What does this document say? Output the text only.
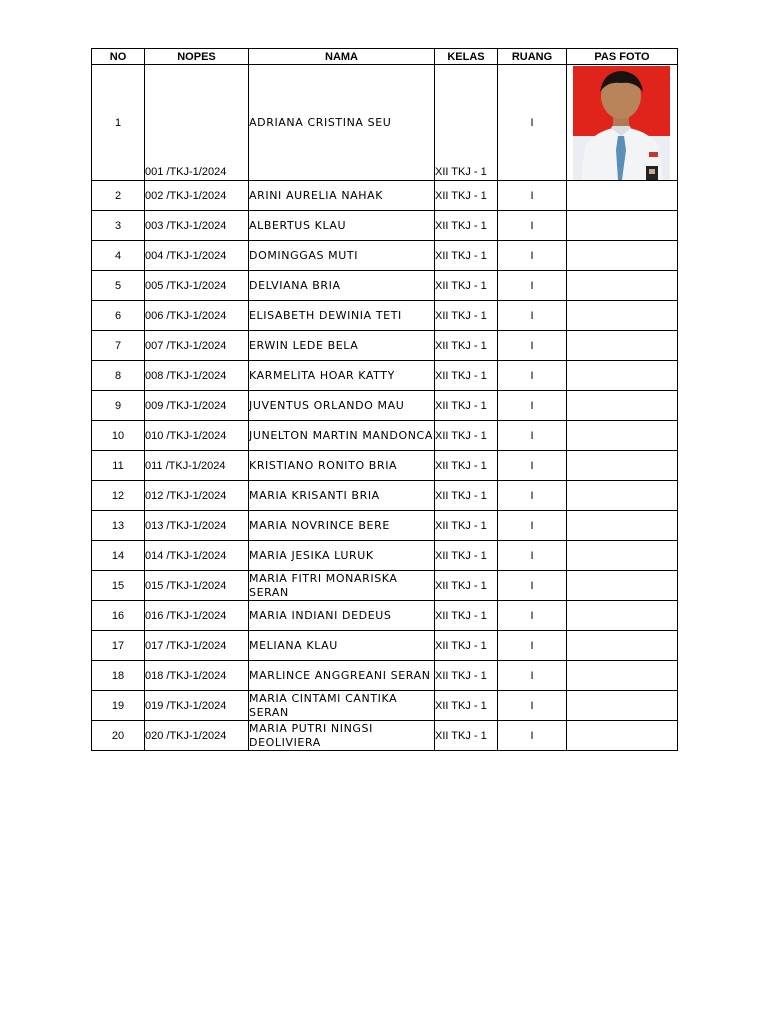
NO	NOPES	NAMA	KELAS	RUANG	PAS FOTO
1	001 /TKJ-1/2024	ADRIANA CRISTINA SEU	XII TKJ - 1	I	

2	002 /TKJ-1/2024	ARINI AURELIA NAHAK	XII TKJ - 1	I	
3	003 /TKJ-1/2024	ALBERTUS KLAU	XII TKJ - 1	I	
4	004 /TKJ-1/2024	DOMINGGAS MUTI	XII TKJ - 1	I	
5	005 /TKJ-1/2024	DELVIANA BRIA	XII TKJ - 1	I	
6	006 /TKJ-1/2024	ELISABETH DEWINIA TETI	XII TKJ - 1	I	
7	007 /TKJ-1/2024	ERWIN LEDE BELA	XII TKJ - 1	I	
8	008 /TKJ-1/2024	KARMELITA HOAR KATTY	XII TKJ - 1	I	
9	009 /TKJ-1/2024	JUVENTUS ORLANDO MAU	XII TKJ - 1	I	
10	010 /TKJ-1/2024	JUNELTON MARTIN MANDONCA	XII TKJ - 1	I	
11	011 /TKJ-1/2024	KRISTIANO RONITO BRIA	XII TKJ - 1	I	
12	012 /TKJ-1/2024	MARIA KRISANTI BRIA	XII TKJ - 1	I	
13	013 /TKJ-1/2024	MARIA NOVRINCE BERE	XII TKJ - 1	I	
14	014 /TKJ-1/2024	MARIA JESIKA LURUK	XII TKJ - 1	I	
15	015 /TKJ-1/2024	MARIA FITRI MONARISKA SERAN	XII TKJ - 1	I	
16	016 /TKJ-1/2024	MARIA INDIANI DEDEUS	XII TKJ - 1	I	
17	017 /TKJ-1/2024	MELIANA KLAU	XII TKJ - 1	I	
18	018 /TKJ-1/2024	MARLINCE ANGGREANI SERAN	XII TKJ - 1	I	
19	019 /TKJ-1/2024	MARIA CINTAMI CANTIKA SERAN	XII TKJ - 1	I	
20	020 /TKJ-1/2024	MARIA PUTRI NINGSI DEOLIVIERA	XII TKJ - 1	I	
